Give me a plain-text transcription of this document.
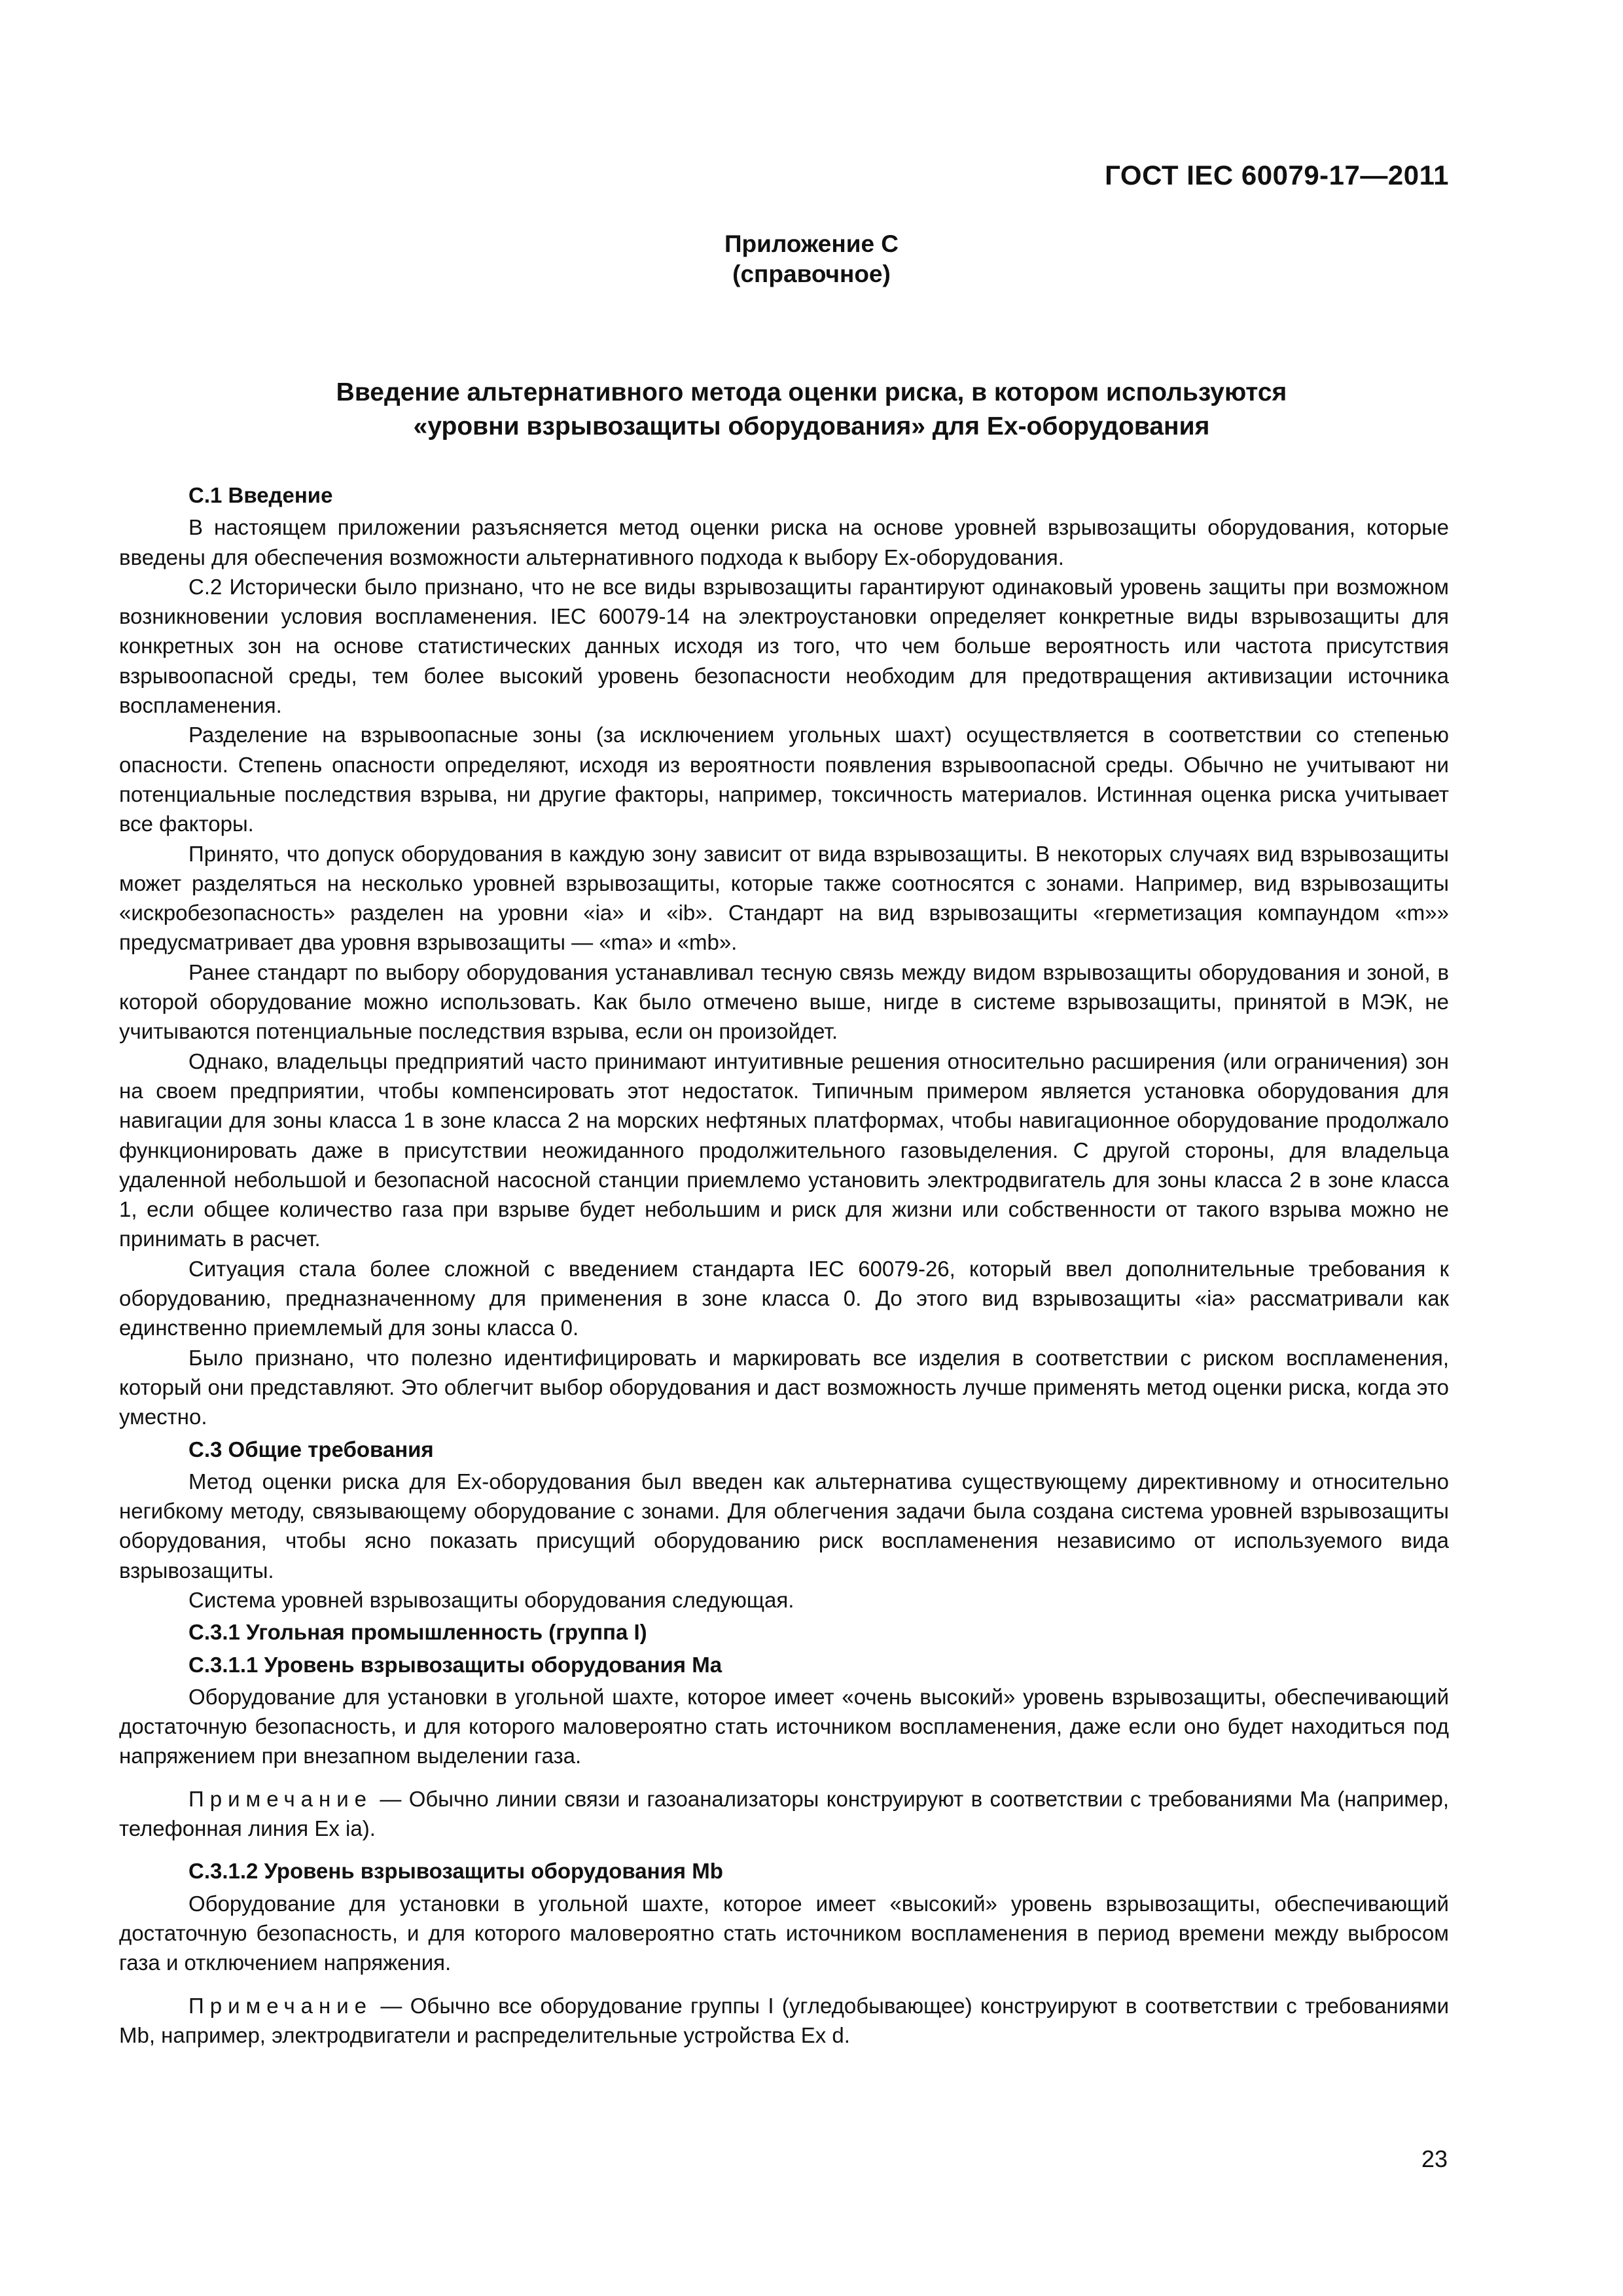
ГОСТ IEC 60079-17—2011
Приложение С
(справочное)
Введение альтернативного метода оценки риска, в котором используются
«уровни взрывозащиты оборудования» для Ex-оборудования

С.1 Введение

В настоящем приложении разъясняется метод оценки риска на основе уровней взрывозащиты оборудования, которые введены для обеспечения возможности альтернативного подхода к выбору Ex-оборудования.

С.2 Исторически было признано, что не все виды взрывозащиты гарантируют одинаковый уровень защиты при возможном возникновении условия воспламенения. IEC 60079-14 на электроустановки определяет конкретные виды взрывозащиты для конкретных зон на основе статистических данных исходя из того, что чем больше вероятность или частота присутствия взрывоопасной среды, тем более высокий уровень безопасности необходим для предотвращения активизации источника воспламенения.

Разделение на взрывоопасные зоны (за исключением угольных шахт) осуществляется в соответствии со степенью опасности. Степень опасности определяют, исходя из вероятности появления взрывоопасной среды. Обычно не учитывают ни потенциальные последствия взрыва, ни другие факторы, например, токсичность материалов. Истинная оценка риска учитывает все факторы.

Принято, что допуск оборудования в каждую зону зависит от вида взрывозащиты. В некоторых случаях вид взрывозащиты может разделяться на несколько уровней взрывозащиты, которые также соотносятся с зонами. Например, вид взрывозащиты «искробезопасность» разделен на уровни «ia» и «ib». Стандарт на вид взрывозащиты «герметизация компаундом «m»» предусматривает два уровня взрывозащиты — «ma» и «mb».

Ранее стандарт по выбору оборудования устанавливал тесную связь между видом взрывозащиты оборудования и зоной, в которой оборудование можно использовать. Как было отмечено выше, нигде в системе взрывозащиты, принятой в МЭК, не учитываются потенциальные последствия взрыва, если он произойдет.

Однако, владельцы предприятий часто принимают интуитивные решения относительно расширения (или ограничения) зон на своем предприятии, чтобы компенсировать этот недостаток. Типичным примером является установка оборудования для навигации для зоны класса 1 в зоне класса 2 на морских нефтяных платформах, чтобы навигационное оборудование продолжало функционировать даже в присутствии неожиданного продолжительного газовыделения. С другой стороны, для владельца удаленной небольшой и безопасной насосной станции приемлемо установить электродвигатель для зоны класса 2 в зоне класса 1, если общее количество газа при взрыве будет небольшим и риск для жизни или собственности от такого взрыва можно не принимать в расчет.

Ситуация стала более сложной с введением стандарта IEC 60079-26, который ввел дополнительные требования к оборудованию, предназначенному для применения в зоне класса 0. До этого вид взрывозащиты «ia» рассматривали как единственно приемлемый для зоны класса 0.

Было признано, что полезно идентифицировать и маркировать все изделия в соответствии с риском воспламенения, который они представляют. Это облегчит выбор оборудования и даст возможность лучше применять метод оценки риска, когда это уместно.

С.3 Общие требования

Метод оценки риска для Ex-оборудования был введен как альтернатива существующему директивному и относительно негибкому методу, связывающему оборудование с зонами. Для облегчения задачи была создана система уровней взрывозащиты оборудования, чтобы ясно показать присущий оборудованию риск воспламенения независимо от используемого вида взрывозащиты.

Система уровней взрывозащиты оборудования следующая.

С.3.1 Угольная промышленность (группа I)

С.3.1.1 Уровень взрывозащиты оборудования Ma

Оборудование для установки в угольной шахте, которое имеет «очень высокий» уровень взрывозащиты, обеспечивающий достаточную безопасность, и для которого маловероятно стать источником воспламенения, даже если оно будет находиться под напряжением при внезапном выделении газа.

Примечание — Обычно линии связи и газоанализаторы конструируют в соответствии с требованиями Ma (например, телефонная линия Ex ia).

С.3.1.2 Уровень взрывозащиты оборудования Mb

Оборудование для установки в угольной шахте, которое имеет «высокий» уровень взрывозащиты, обеспечивающий достаточную безопасность, и для которого маловероятно стать источником воспламенения в период времени между выбросом газа и отключением напряжения.

Примечание — Обычно все оборудование группы I (угледобывающее) конструируют в соответствии с требованиями Mb, например, электродвигатели и распределительные устройства Ex d.

23
